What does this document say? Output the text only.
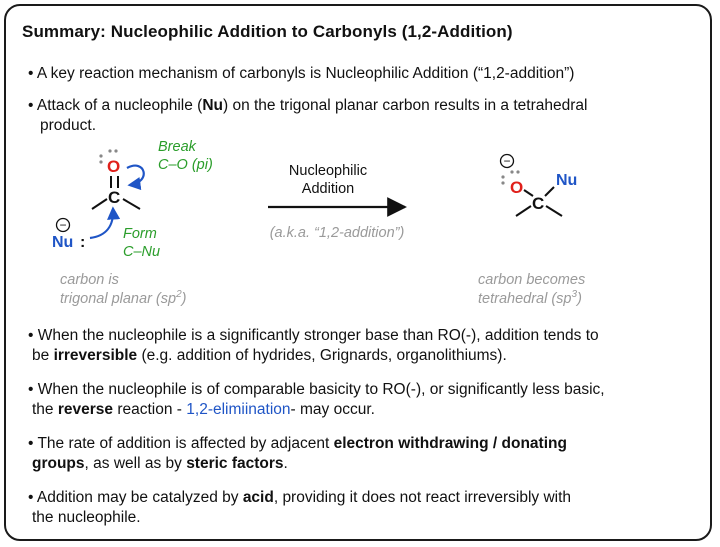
Summary: Nucleophilic Addition to Carbonyls (1,2-Addition)
• A key reaction mechanism of carbonyls is Nucleophilic Addition (“1,2-addition”)
• Attack of a nucleophile (Nu) on the trigonal planar carbon results in a tetrahedral
product.
O
C
Break
C–O (pi)
−
Nu :	Form
C–Nu
carbon is
trigonal planar $(sp^2)$
Nucleophilic
Addition
(a.k.a. “1,2-addition”)
−
O
C
Nu
carbon becomes
tetrahedral $(sp^3)$
• When the nucleophile is a significantly stronger base than RO(-), addition tends to
be irreversible (e.g. addition of hydrides, Grignards, organolithiums).
• When the nucleophile is of comparable basicity to RO(-), or significantly less basic,
the reverse reaction - 1,2-elimiination- may occur.
• The rate of addition is affected by adjacent electron withdrawing / donating
groups, as well as by steric factors.
• Addition may be catalyzed by acid, providing it does not react irreversibly with
the nucleophile.
